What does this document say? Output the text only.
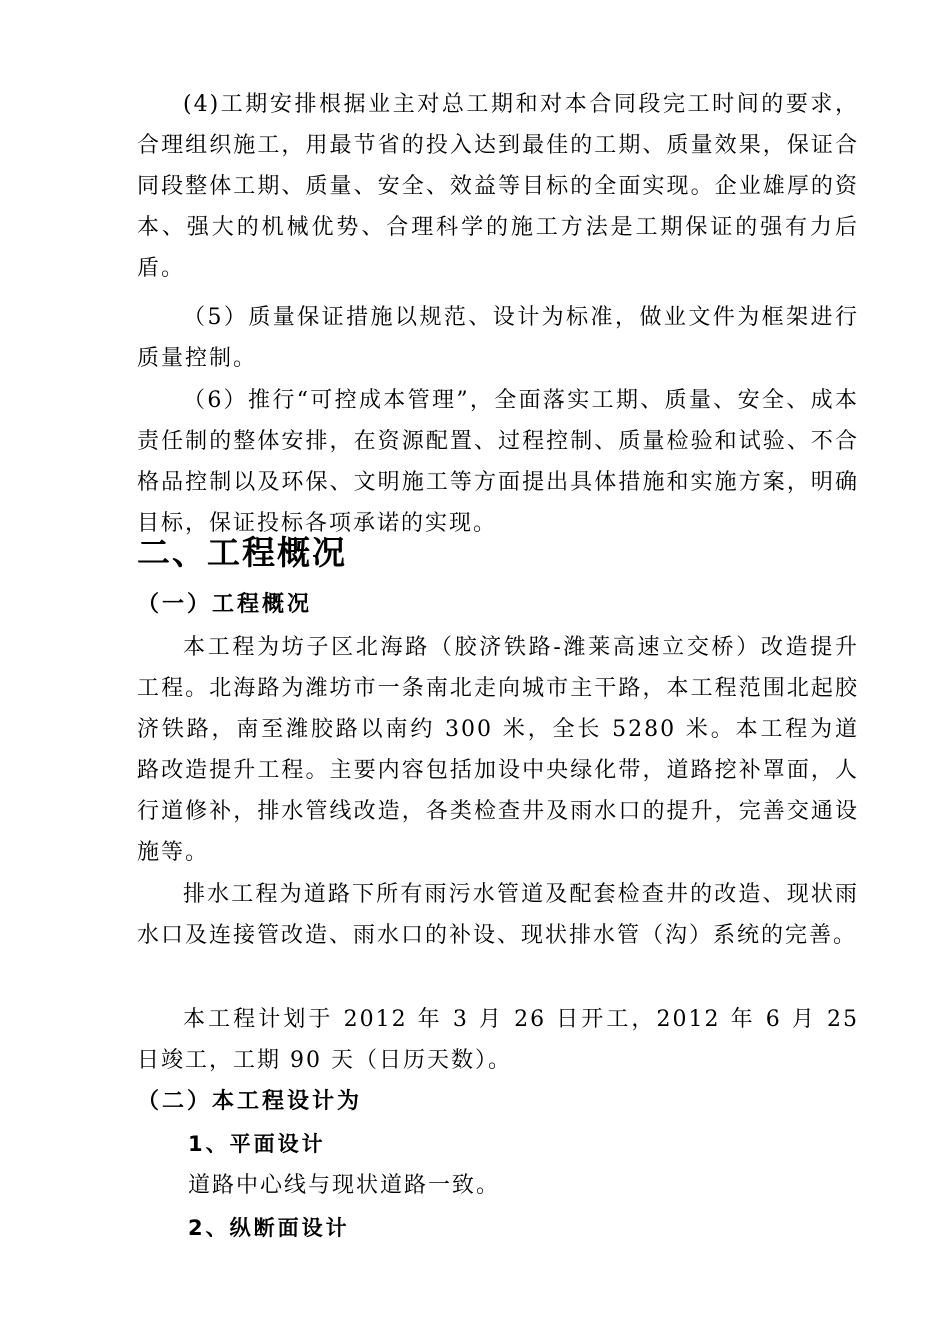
(4)工期安排根据业主对总工期和对本合同段完工时间的要求，合理组织施工，用最节省的投入达到最佳的工期、质量效果，保证合同段整体工期、质量、安全、效益等目标的全面实现。企业雄厚的资本、强大的机械优势、合理科学的施工方法是工期保证的强有力后盾。

（5）质量保证措施以规范、设计为标准，做业文件为框架进行质量控制。

（6）推行“可控成本管理”，全面落实工期、质量、安全、成本责任制的整体安排，在资源配置、过程控制、质量检验和试验、不合格品控制以及环保、文明施工等方面提出具体措施和实施方案，明确目标，保证投标各项承诺的实现。

二、工程概况
（一）工程概况

本工程为坊子区北海路（胶济铁路-潍莱高速立交桥）改造提升工程。北海路为潍坊市一条南北走向城市主干路，本工程范围北起胶济铁路，南至潍胶路以南约 300 米，全长 5280 米。本工程为道路改造提升工程。主要内容包括加设中央绿化带，道路挖补罩面，人行道修补，排水管线改造，各类检查井及雨水口的提升，完善交通设施等。

排水工程为道路下所有雨污水管道及配套检查井的改造、现状雨水口及连接管改造、雨水口的补设、现状排水管（沟）系统的完善。

本工程计划于 2012 年 3 月 26 日开工，2012 年 6 月 25 日竣工，工期 90 天（日历天数）。

（二）本工程设计为
1、平面设计

道路中心线与现状道路一致。

2、纵断面设计
